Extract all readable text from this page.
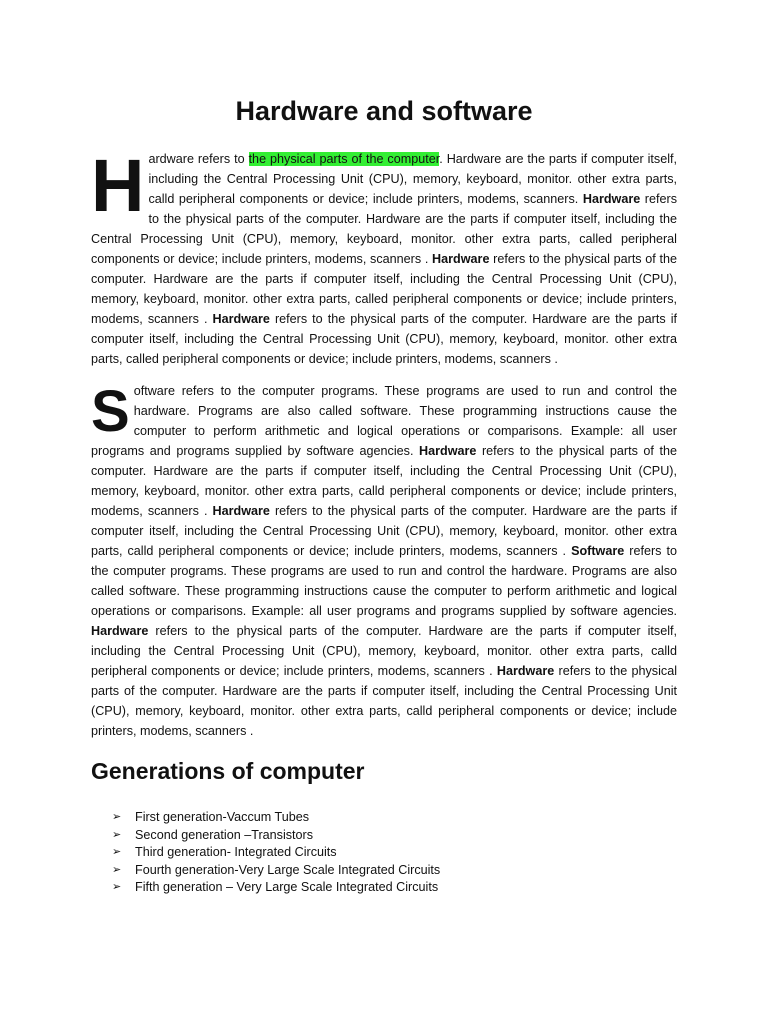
Hardware and software

Hardware refers to the physical parts of the computer. Hardware are the parts if computer itself, including the Central Processing Unit (CPU), memory, keyboard, monitor. other extra parts, calld peripheral components or device; include printers, modems, scanners. Hardware refers to the physical parts of the computer. Hardware are the parts if computer itself, including the Central Processing Unit (CPU), memory, keyboard, monitor. other extra parts, called peripheral components or device; include printers, modems, scanners . Hardware refers to the physical parts of the computer. Hardware are the parts if computer itself, including the Central Processing Unit (CPU), memory, keyboard, monitor. other extra parts, called peripheral components or device; include printers, modems, scanners . Hardware refers to the physical parts of the computer. Hardware are the parts if computer itself, including the Central Processing Unit (CPU), memory, keyboard, monitor. other extra parts, called peripheral components or device; include printers, modems, scanners .

Software refers to the computer programs. These programs are used to run and control the hardware. Programs are also called software. These programming instructions cause the computer to perform arithmetic and logical operations or comparisons. Example: all user programs and programs supplied by software agencies. Hardware refers to the physical parts of the computer. Hardware are the parts if computer itself, including the Central Processing Unit (CPU), memory, keyboard, monitor. other extra parts, calld peripheral components or device; include printers, modems, scanners . Hardware refers to the physical parts of the computer. Hardware are the parts if computer itself, including the Central Processing Unit (CPU), memory, keyboard, monitor. other extra parts, calld peripheral components or device; include printers, modems, scanners . Software refers to the computer programs. These programs are used to run and control the hardware. Programs are also called software. These programming instructions cause the computer to perform arithmetic and logical operations or comparisons. Example: all user programs and programs supplied by software agencies. Hardware refers to the physical parts of the computer. Hardware are the parts if computer itself, including the Central Processing Unit (CPU), memory, keyboard, monitor. other extra parts, calld peripheral components or device; include printers, modems, scanners . Hardware refers to the physical parts of the computer. Hardware are the parts if computer itself, including the Central Processing Unit (CPU), memory, keyboard, monitor. other extra parts, calld peripheral components or device; include printers, modems, scanners .

Generations of computer
➢	First generation-Vaccum Tubes
➢	Second generation –Transistors
➢	Third generation- Integrated Circuits
➢	Fourth generation-Very Large Scale Integrated Circuits
➢	Fifth generation – Very Large Scale Integrated Circuits
